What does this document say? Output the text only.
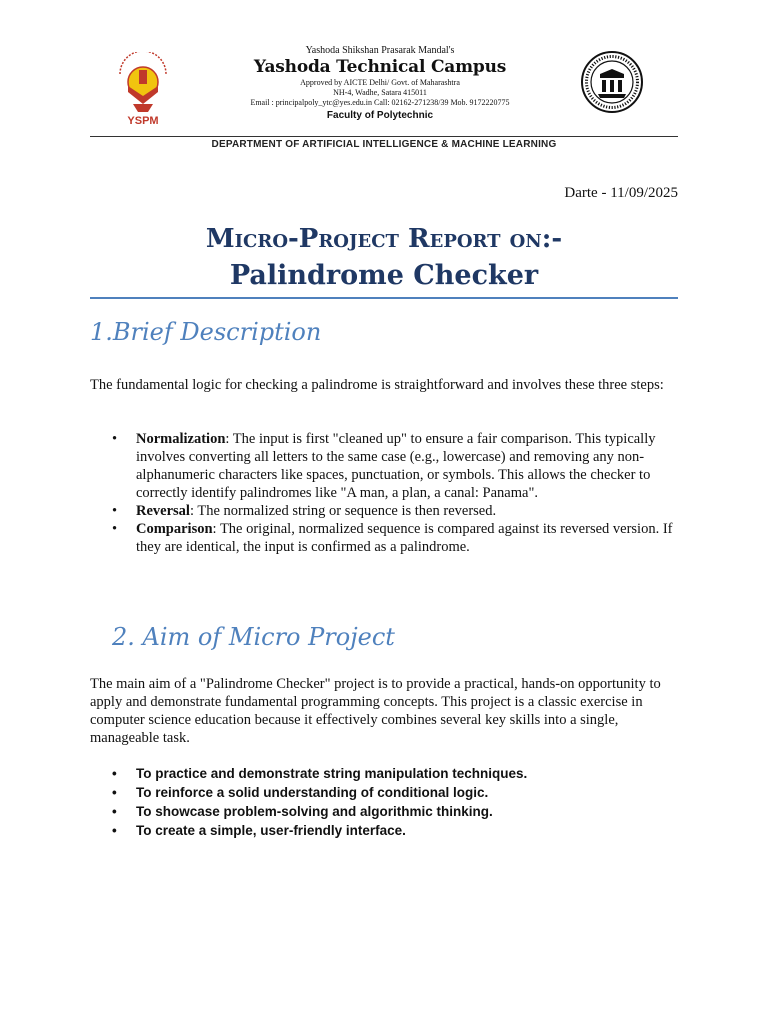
YSPM
Yashoda Shikshan Prasarak Mandal's
Yashoda Technical Campus
Approved by AICTE Delhi/ Govt. of Maharashtra
NH-4, Wadhe, Satara 415011
Email : principalpoly_ytc@yes.edu.in Call: 02162-271238/39 Mob. 9172220775
Faculty of Polytechnic
DEPARTMENT OF ARTIFICIAL INTELLIGENCE & MACHINE LEARNING
Darte - 11/09/2025
Micro-Project Report on:-
Palindrome Checker
1.Brief Description
The fundamental logic for checking a palindrome is straightforward and involves these three steps:
• Normalization: The input is first "cleaned up" to ensure a fair comparison. This typically involves converting all letters to the same case (e.g., lowercase) and removing any non-alphanumeric characters like spaces, punctuation, or symbols. This allows the checker to correctly identify palindromes like "A man, a plan, a canal: Panama".
• Reversal: The normalized string or sequence is then reversed.
• Comparison: The original, normalized sequence is compared against its reversed version. If they are identical, the input is confirmed as a palindrome.
2. Aim of Micro Project
The main aim of a "Palindrome Checker" project is to provide a practical, hands-on opportunity to apply and demonstrate fundamental programming concepts. This project is a classic exercise in computer science education because it effectively combines several key skills into a single, manageable task.
• To practice and demonstrate string manipulation techniques.
• To reinforce a solid understanding of conditional logic.
• To showcase problem-solving and algorithmic thinking.
• To create a simple, user-friendly interface.
